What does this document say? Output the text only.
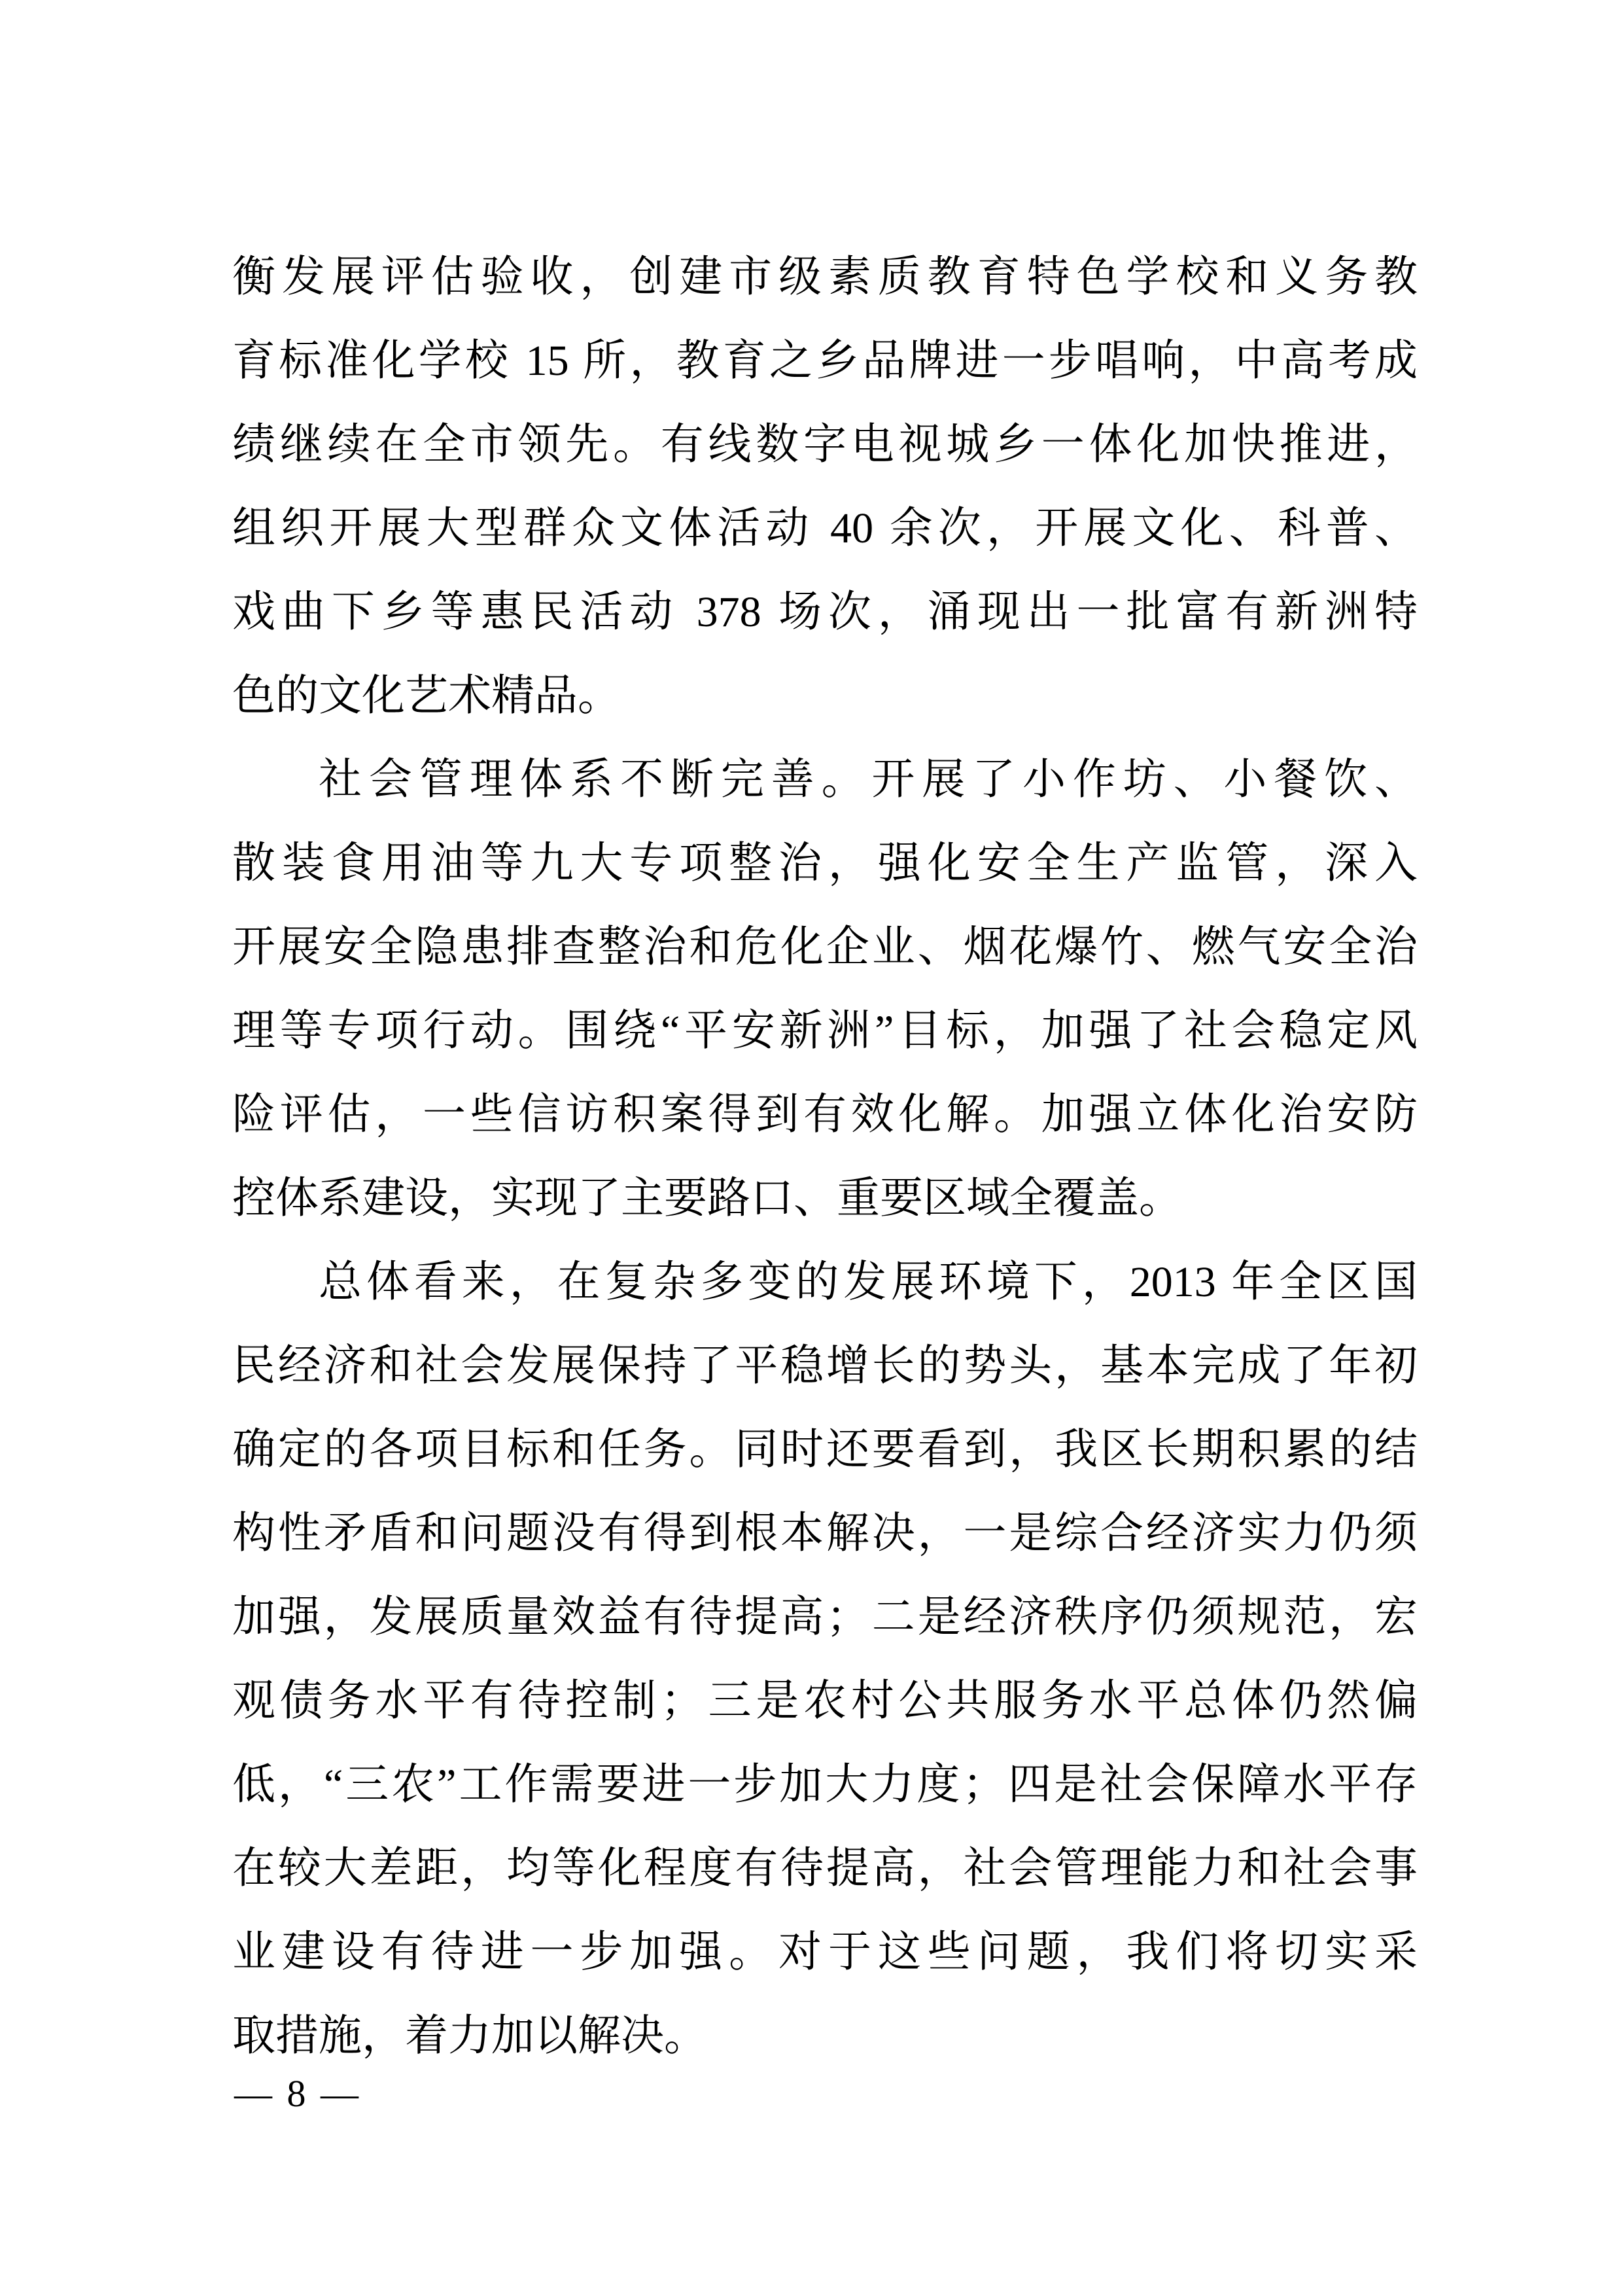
衡发展评估验收，创建市级素质教育特色学校和义务教
育标准化学校 15 所，教育之乡品牌进一步唱响，中高考成
绩继续在全市领先。有线数字电视城乡一体化加快推进，
组织开展大型群众文体活动 40 余次，开展文化、科普、
戏曲下乡等惠民活动 378 场次，涌现出一批富有新洲特
色的文化艺术精品。
社会管理体系不断完善。开展了小作坊、小餐饮、
散装食用油等九大专项整治，强化安全生产监管，深入
开展安全隐患排查整治和危化企业、烟花爆竹、燃气安全治
理等专项行动。围绕“平安新洲”目标，加强了社会稳定风
险评估，一些信访积案得到有效化解。加强立体化治安防
控体系建设，实现了主要路口、重要区域全覆盖。
总体看来，在复杂多变的发展环境下，2013 年全区国
民经济和社会发展保持了平稳增长的势头，基本完成了年初
确定的各项目标和任务。同时还要看到，我区长期积累的结
构性矛盾和问题没有得到根本解决，一是综合经济实力仍须
加强，发展质量效益有待提高；二是经济秩序仍须规范，宏
观债务水平有待控制；三是农村公共服务水平总体仍然偏
低，“三农”工作需要进一步加大力度；四是社会保障水平存
在较大差距，均等化程度有待提高，社会管理能力和社会事
业建设有待进一步加强。对于这些问题，我们将切实采
取措施，着力加以解决。
— 8 —
